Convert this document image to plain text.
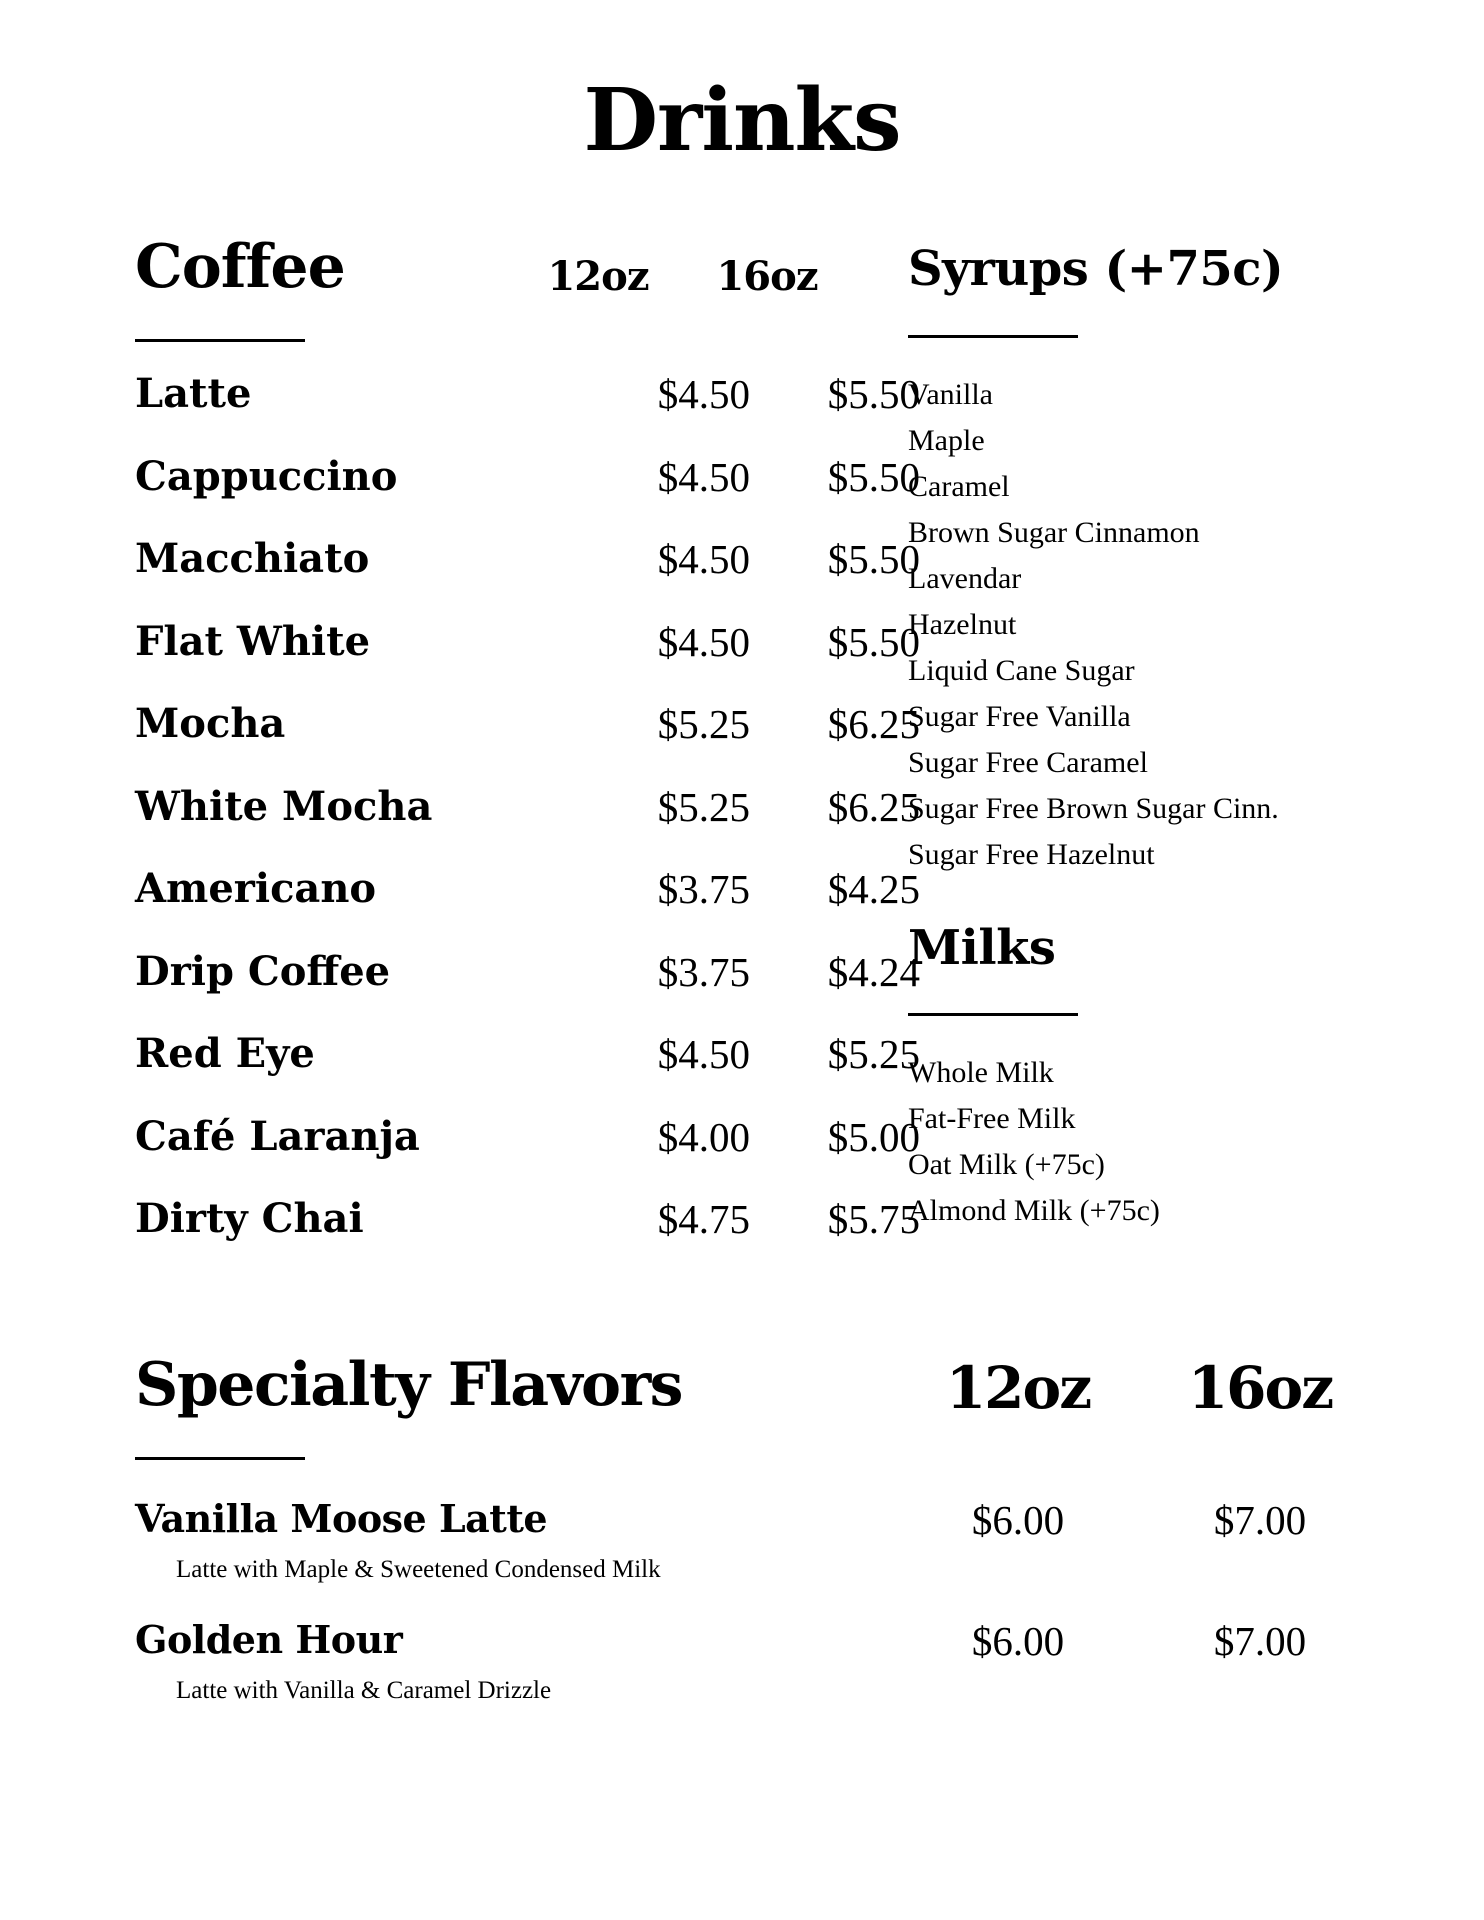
Drinks
Coffee	12oz	16oz
Latte	$4.50	$5.50
Cappuccino	$4.50	$5.50
Macchiato	$4.50	$5.50
Flat White	$4.50	$5.50
Mocha	$5.25	$6.25
White Mocha	$5.25	$6.25
Americano	$3.75	$4.25
Drip Coffee	$3.75	$4.24
Red Eye	$4.50	$5.25
Café Laranja	$4.00	$5.00
Dirty Chai	$4.75	$5.75
Syrups (+75c)
Vanilla
Maple
Caramel
Brown Sugar Cinnamon
Lavendar
Hazelnut
Liquid Cane Sugar
Sugar Free Vanilla
Sugar Free Caramel
Sugar Free Brown Sugar Cinn.
Sugar Free Hazelnut
Milks
Whole Milk
Fat-Free Milk
Oat Milk (+75c)
Almond Milk (+75c)
Specialty Flavors	12oz	16oz
Vanilla Moose Latte	$6.00	$7.00
Latte with Maple & Sweetened Condensed Milk
Golden Hour	$6.00	$7.00
Latte with Vanilla & Caramel Drizzle
